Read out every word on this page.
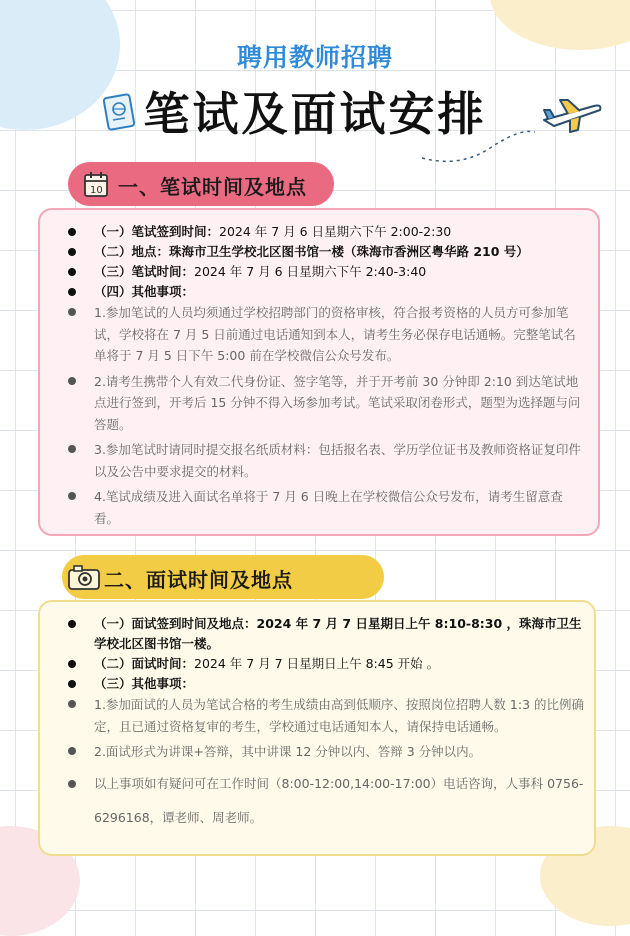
聘用教师招聘
笔试及面试安排
10 一、笔试时间及地点
（一）笔试签到时间：2024 年 7 月 6 日星期六下午 2:00-2:30
（二）地点：珠海市卫生学校北区图书馆一楼（珠海市香洲区粤华路 210 号）
（三）笔试时间：2024 年 7 月 6 日星期六下午 2:40-3:40
（四）其他事项：
1.参加笔试的人员均须通过学校招聘部门的资格审核，符合报考资格的人员方可参加笔试，学校将在 7 月 5 日前通过电话通知到本人，请考生务必保存电话通畅。完整笔试名单将于 7 月 5 日下午 5:00 前在学校微信公众号发布。
2.请考生携带个人有效二代身份证、签字笔等，并于开考前 30 分钟即 2:10 到达笔试地点进行签到，开考后 15 分钟不得入场参加考试。笔试采取闭卷形式，题型为选择题与问答题。
3.参加笔试时请同时提交报名纸质材料：包括报名表、学历学位证书及教师资格证复印件以及公告中要求提交的材料。
4.笔试成绩及进入面试名单将于 7 月 6 日晚上在学校微信公众号发布，请考生留意查看。
二、面试时间及地点
（一）面试签到时间及地点：2024 年 7 月 7 日星期日上午 8:10-8:30 ，珠海市卫生学校北区图书馆一楼。
（二）面试时间：2024 年 7 月 7 日星期日上午 8:45 开始 。
（三）其他事项：
1.参加面试的人员为笔试合格的考生成绩由高到低顺序、按照岗位招聘人数 1:3 的比例确定，且已通过资格复审的考生，学校通过电话通知本人，请保持电话通畅。
2.面试形式为讲课+答辩，其中讲课 12 分钟以内、答辩 3 分钟以内。
以上事项如有疑问可在工作时间（8:00-12:00,14:00-17:00）电话咨询，人事科 0756-6296168，谭老师、周老师。
